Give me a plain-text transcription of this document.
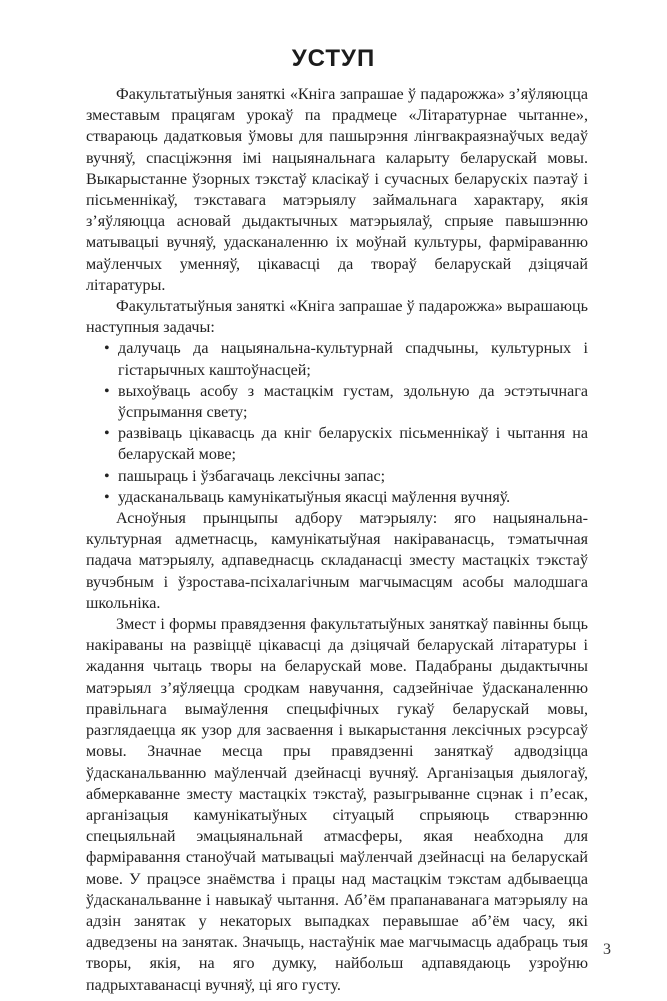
УСТУП

Факультатыўныя заняткі «Кніга запрашае ў падарожжа» з’яўляюцца зместавым працягам урокаў па прадмеце «Літаратурнае чытанне», ствараюць дадатковыя ўмовы для пашырэння лінгвакраязнаўчых ведаў вучняў, спасціжэння імі нацыянальнага каларыту беларускай мовы. Выкарыстанне ўзорных тэкстаў класікаў і сучасных беларускіх паэтаў і пісьменнікаў, тэкставага матэрыялу займальнага характару, якія з’яўляюцца асновай дыдактычных матэрыялаў, спрыяе павышэнню матывацыі вучняў, удасканаленню іх моўнай культуры, фарміраванню маўленчых уменняў, цікавасці да твораў беларускай дзіцячай літаратуры.

Факультатыўныя заняткі «Кніга запрашае ў падарожжа» вырашаюць наступныя задачы:

• далучаць да нацыянальна-культурнай спадчыны, культурных і гістарычных каштоўнасцей;
• выхоўваць асобу з мастацкім густам, здольную да эстэтычнага ўспрымання свету;
• развіваць цікавасць да кніг беларускіх пісьменнікаў і чытання на беларускай мове;
• пашыраць і ўзбагачаць лексічны запас;
• удасканальваць камунікатыўныя якасці маўлення вучняў.

Асноўныя прынцыпы адбору матэрыялу: яго нацыянальна-культурная адметнасць, камунікатыўная накіраванасць, тэматычная падача матэрыялу, адпаведнасць складанасці зместу мастацкіх тэкстаў вучэбным і ўзростава-псіхалагічным магчымасцям асобы малодшага школьніка.

Змест і формы правядзення факультатыўных заняткаў павінны быць накіраваны на развіццё цікавасці да дзіцячай беларускай літаратуры і жадання чытаць творы на беларускай мове. Падабраны дыдактычны матэрыял з’яўляецца сродкам навучання, садзейнічае ўдасканаленню правільнага вымаўлення спецыфічных гукаў беларускай мовы, разглядаецца як узор для засваення і выкарыстання лексічных рэсурсаў мовы. Значнае месца пры правядзенні заняткаў адводзіцца ўдасканальванню маўленчай дзейнасці вучняў. Арганізацыя дыялогаў, абмеркаванне зместу мастацкіх тэкстаў, разыгрыванне сцэнак і п’есак, арганізацыя камунікатыўных сітуацый спрыяюць стварэнню спецыяльнай эмацыянальнай атмасферы, якая неабходна для фарміравання станоўчай матывацыі маўленчай дзейнасці на беларускай мове. У працэсе знаёмства і працы над мастацкім тэкстам адбываецца ўдасканальванне і навыкаў чытання. Аб’ём прапанаванага матэрыялу на адзін занятак у некаторых выпадках перавышае аб’ём часу, які адведзены на занятак. Значыць, настаўнік мае магчымасць адабраць тыя творы, якія, на яго думку, найбольш адпавядаюць узроўню падрыхтаванасці вучняў, ці яго густу.

3
